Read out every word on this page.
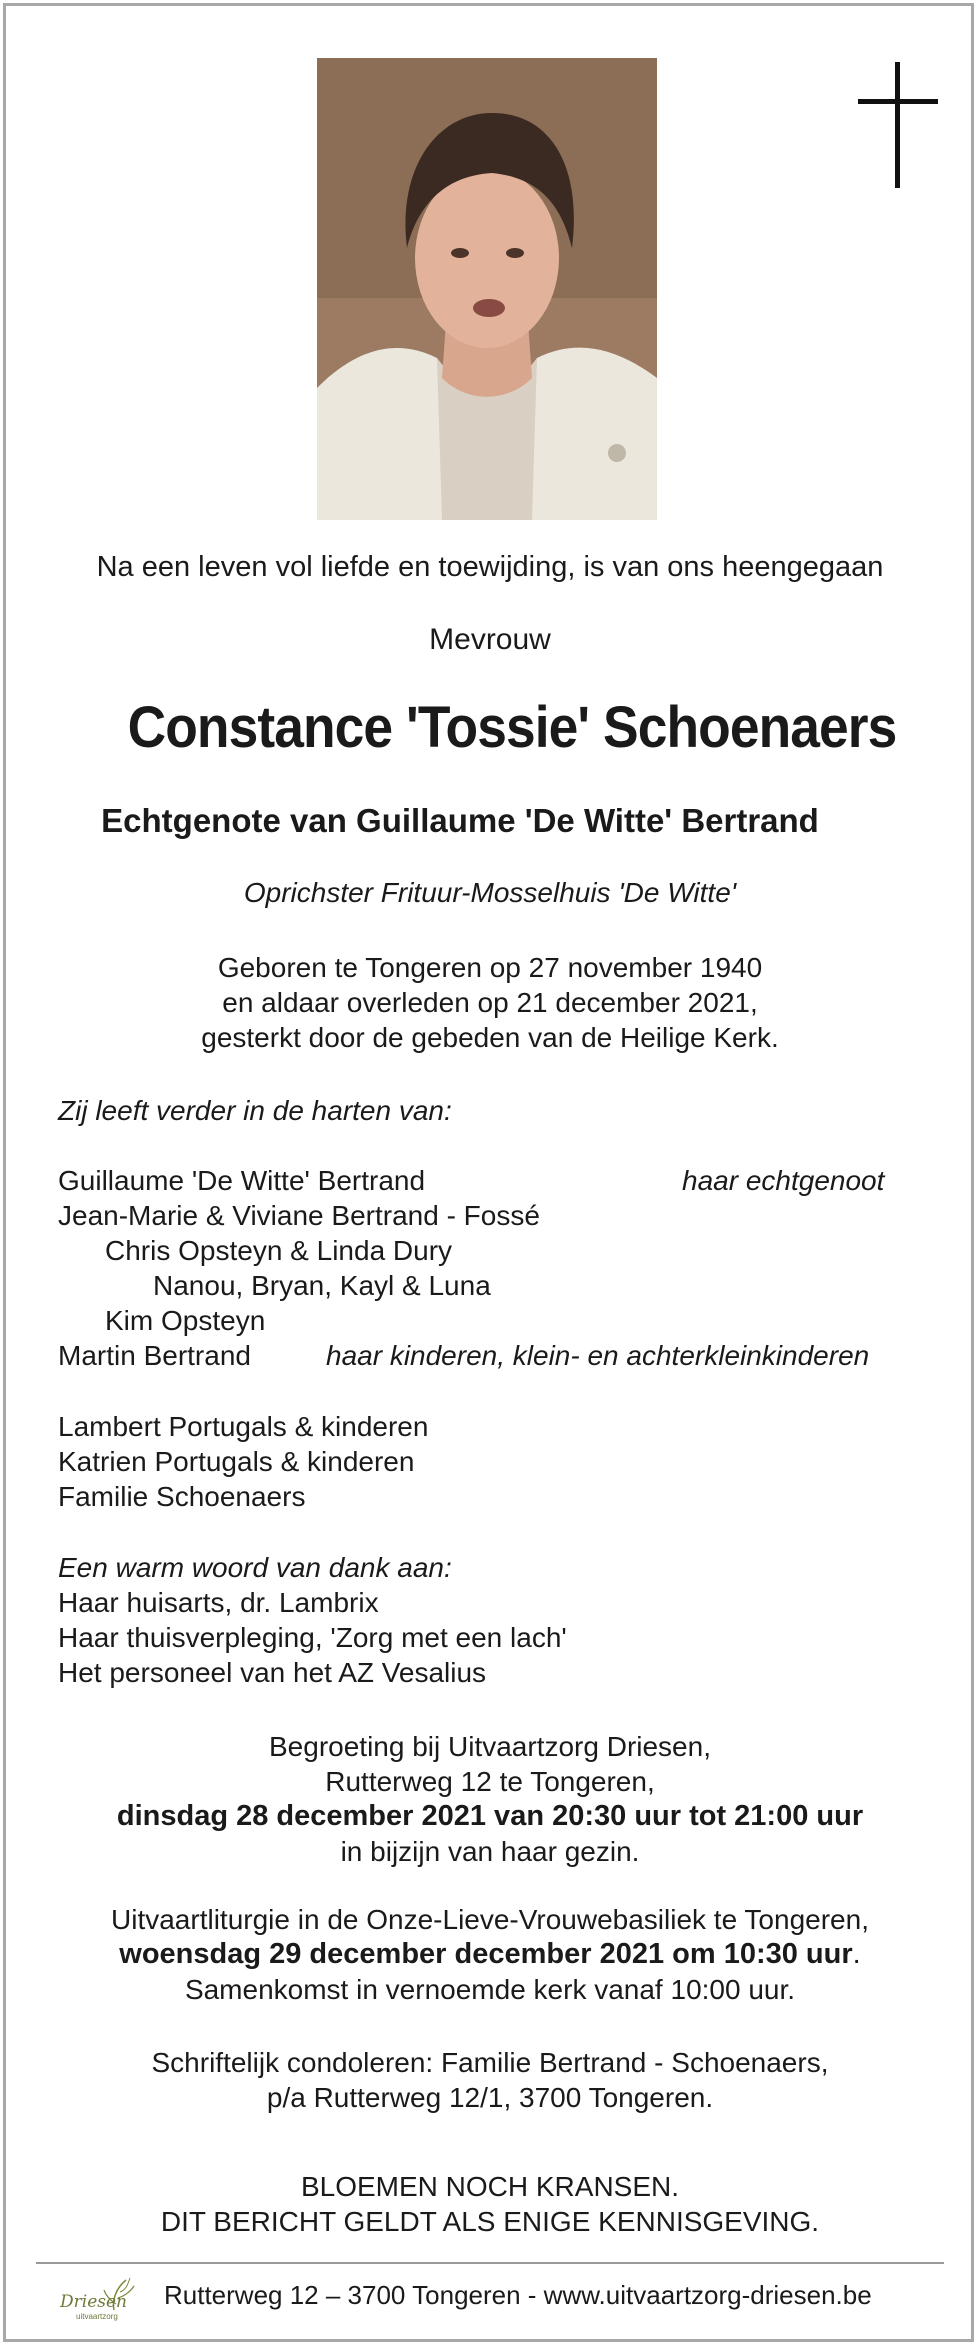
Na een leven vol liefde en toewijding, is van ons heengegaan
Mevrouw
Constance 'Tossie' Schoenaers
Echtgenote van Guillaume 'De Witte' Bertrand
Oprichster Frituur-Mosselhuis 'De Witte'
Geboren te Tongeren op 27 november 1940
en aldaar overleden op 21 december 2021,
gesterkt door de gebeden van de Heilige Kerk.
Zij leeft verder in de harten van:
Guillaume 'De Witte' Bertrand	haar echtgenoot
Jean-Marie & Viviane Bertrand - Fossé
Chris Opsteyn & Linda Dury
Nanou, Bryan, Kayl & Luna
Kim Opsteyn
Martin Bertrand	haar kinderen, klein- en achterkleinkinderen
Lambert Portugals & kinderen
Katrien Portugals & kinderen
Familie Schoenaers
Een warm woord van dank aan:
Haar huisarts, dr. Lambrix
Haar thuisverpleging, 'Zorg met een lach'
Het personeel van het AZ Vesalius
Begroeting bij Uitvaartzorg Driesen,
Rutterweg 12 te Tongeren,
dinsdag 28 december 2021 van 20:30 uur tot 21:00 uur
in bijzijn van haar gezin.
Uitvaartliturgie in de Onze-Lieve-Vrouwebasiliek te Tongeren,
woensdag 29 december december 2021 om 10:30 uur.
Samenkomst in vernoemde kerk vanaf 10:00 uur.
Schriftelijk condoleren: Familie Bertrand - Schoenaers,
p/a Rutterweg 12/1, 3700 Tongeren.
BLOEMEN NOCH KRANSEN.
DIT BERICHT GELDT ALS ENIGE KENNISGEVING.
Driesen
uitvaartzorg
Rutterweg 12 – 3700 Tongeren - www.uitvaartzorg-driesen.be
